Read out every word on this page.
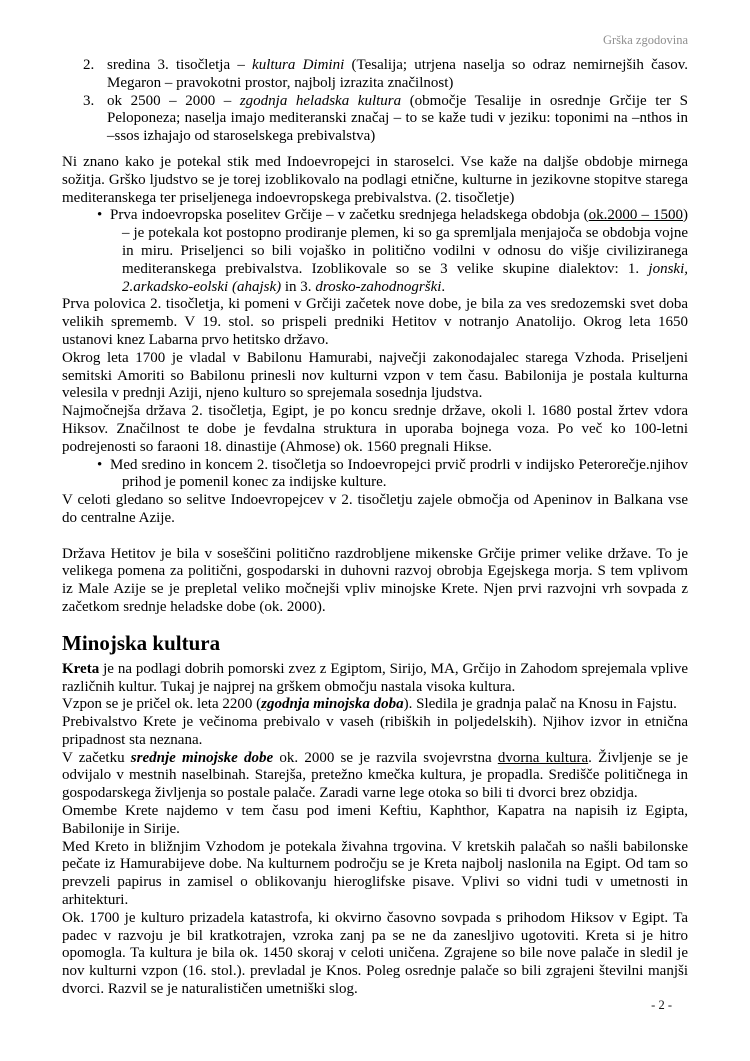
Grška zgodovina
2. sredina 3. tisočletja – kultura Dimini (Tesalija; utrjena naselja so odraz nemirnejših časov. Megaron – pravokotni prostor, najbolj izrazita značilnost)
3. ok 2500 – 2000 – zgodnja heladska kultura (območje Tesalije in osrednje Grčije ter S Peloponeza; naselja imajo mediteranski značaj – to se kaže tudi v jeziku: toponimi na –nthos in –ssos izhajajo od staroselskega prebivalstva)
Ni znano kako je potekal stik med Indoevropejci in staroselci. Vse kaže na daljše obdobje mirnega sožitja. Grško ljudstvo se je torej izoblikovalo na podlagi etnične, kulturne in jezikovne stopitve starega mediteranskega ter priseljenega indoevropskega prebivalstva. (2. tisočletje)
• Prva indoevropska poselitev Grčije – v začetku srednjega heladskega obdobja (ok.2000 – 1500) – je potekala kot postopno prodiranje plemen, ki so ga spremljala menjajoča se obdobja vojne in miru. Priseljenci so bili vojaško in politično vodilni v odnosu do višje civiliziranega mediteranskega prebivalstva. Izoblikovale so se 3 velike skupine dialektov: 1. jonski, 2.arkadsko-eolski (ahajsk) in 3. drosko-zahodnogrški.
Prva polovica 2. tisočletja, ki pomeni v Grčiji začetek nove dobe, je bila za ves sredozemski svet doba velikih sprememb. V 19. stol. so prispeli predniki Hetitov v notranjo Anatolijo. Okrog leta 1650 ustanovi knez Labarna prvo hetitsko državo.
Okrog leta 1700 je vladal v Babilonu Hamurabi, največji zakonodajalec starega Vzhoda. Priseljeni semitski Amoriti so Babilonu prinesli nov kulturni vzpon v tem času. Babilonija je postala kulturna velesila v prednji Aziji, njeno kulturo so sprejemala sosednja ljudstva.
Najmočnejša država 2. tisočletja, Egipt, je po koncu srednje države, okoli l. 1680 postal žrtev vdora Hiksov. Značilnost te dobe je fevdalna struktura in uporaba bojnega voza. Po več ko 100-letni podrejenosti so faraoni 18. dinastije (Ahmose) ok. 1560 pregnali Hikse.
• Med sredino in koncem 2. tisočletja so Indoevropejci prvič prodrli v indijsko Peterorečje.njihov prihod je pomenil konec za indijske kulture.
V celoti gledano so selitve Indoevropejcev v 2. tisočletju zajele območja od Apeninov in Balkana vse do centralne Azije.
Država Hetitov je bila v soseščini politično razdrobljene mikenske Grčije primer velike države. To je velikega pomena za politični, gospodarski in duhovni razvoj obrobja Egejskega morja. S tem vplivom iz Male Azije se je prepletal veliko močnejši vpliv minojske Krete. Njen prvi razvojni vrh sovpada z začetkom srednje heladske dobe (ok. 2000).
Minojska kultura
Kreta je na podlagi dobrih pomorski zvez z Egiptom, Sirijo, MA, Grčijo in Zahodom sprejemala vplive različnih kultur. Tukaj je najprej na grškem območju nastala visoka kultura.
Vzpon se je pričel ok. leta 2200 (zgodnja minojska doba). Sledila je gradnja palač na Knosu in Fajstu.
Prebivalstvo Krete je večinoma prebivalo v vaseh (ribiških in poljedelskih). Njihov izvor in etnična pripadnost sta neznana.
V začetku srednje minojske dobe ok. 2000 se je razvila svojevrstna dvorna kultura. Življenje se je odvijalo v mestnih naselbinah. Starejša, pretežno kmečka kultura, je propadla. Središče političnega in gospodarskega življenja so postale palače. Zaradi varne lege otoka so bili ti dvorci brez obzidja.
Omembe Krete najdemo v tem času pod imeni Keftiu, Kaphthor, Kapatra na napisih iz Egipta, Babilonije in Sirije.
Med Kreto in bližnjim Vzhodom je potekala živahna trgovina. V kretskih palačah so našli babilonske pečate iz Hamurabijeve dobe. Na kulturnem področju se je Kreta najbolj naslonila na Egipt. Od tam so prevzeli papirus in zamisel o oblikovanju hieroglifske pisave. Vplivi so vidni tudi v umetnosti in arhitekturi.
Ok. 1700 je kulturo prizadela katastrofa, ki okvirno časovno sovpada s prihodom Hiksov v Egipt. Ta padec v razvoju je bil kratkotrajen, vzroka zanj pa se ne da zanesljivo ugotoviti. Kreta si je hitro opomogla. Ta kultura je bila ok. 1450 skoraj v celoti uničena. Zgrajene so bile nove palače in sledil je nov kulturni vzpon (16. stol.). prevladal je Knos. Poleg osrednje palače so bili zgrajeni številni manjši dvorci. Razvil se je naturalističen umetniški slog.
- 2 -
